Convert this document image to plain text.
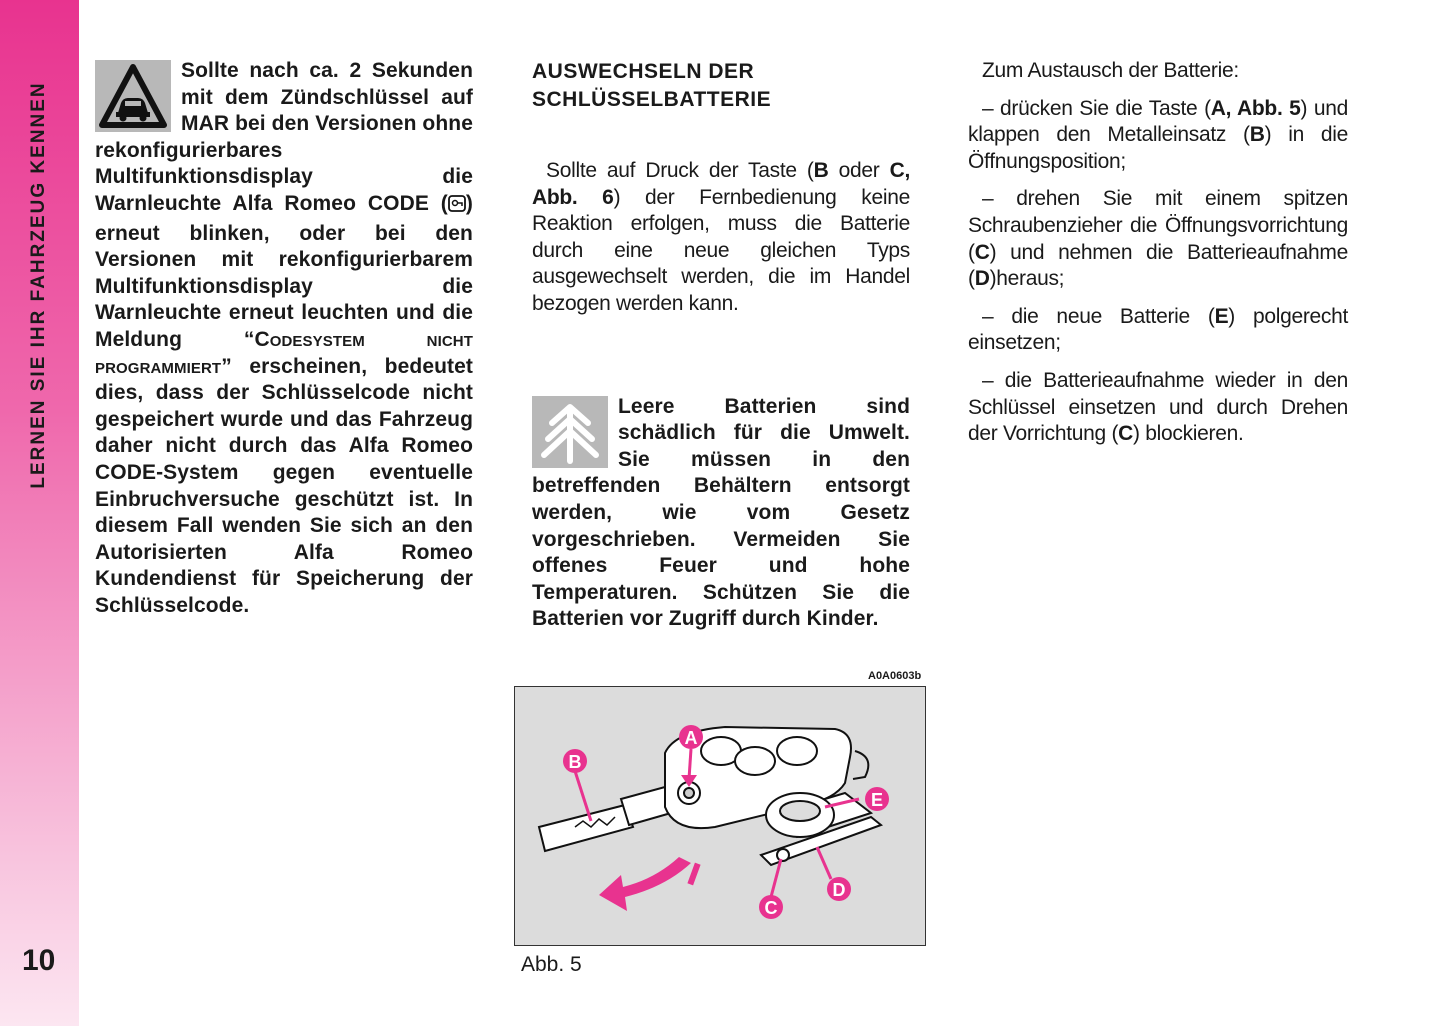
LERNEN SIE IHR FAHRZEUG KENNEN
10
Sollte nach ca. 2 Sekunden mit dem Zündschlüssel auf MAR bei den Versionen ohne rekonfigurierbares Multifunktionsdisplay die Warnleuchte Alfa Romeo CODE ( ) erneut blinken, oder bei den Versionen mit rekonfigurierbarem Multifunktionsdisplay die Warnleuchte erneut leuchten und die Meldung “Codesystem nicht programmiert” erscheinen, bedeutet dies, dass der Schlüsselcode nicht gespeichert wurde und das Fahrzeug daher nicht durch das Alfa Romeo CODE-System gegen eventuelle Einbruchversuche geschützt ist. In diesem Fall wenden Sie sich an den Autorisierten Alfa Romeo Kundendienst für Speicherung der Schlüsselcode.
AUSWECHSELN DER
SCHLÜSSELBATTERIE
Sollte auf Druck der Taste (B oder C, Abb. 6) der Fernbedienung keine Reaktion erfolgen, muss die Batterie durch eine neue gleichen Typs ausgewechselt werden, die im Handel bezogen werden kann.
Leere Batterien sind schädlich für die Umwelt. Sie müssen in den betreffenden Behältern entsorgt werden, wie vom Gesetz vorgeschrieben. Vermeiden Sie offenes Feuer und hohe Temperaturen. Schützen Sie die Batterien vor Zugriff durch Kinder.

Zum Austausch der Batterie:

– drücken Sie die Taste (A, Abb. 5) und klappen den Metalleinsatz (B) in die Öffnungsposition;

– drehen Sie mit einem spitzen Schraubenzieher die Öffnungsvorrichtung (C) und nehmen die Batterieaufnahme (D)heraus;

– die neue Batterie (E) polgerecht einsetzen;

– die Batterieaufnahme wieder in den Schlüssel einsetzen und durch Drehen der Vorrichtung (C) blockieren.

A0A0603b
A
B
C
D
E
Abb. 5
